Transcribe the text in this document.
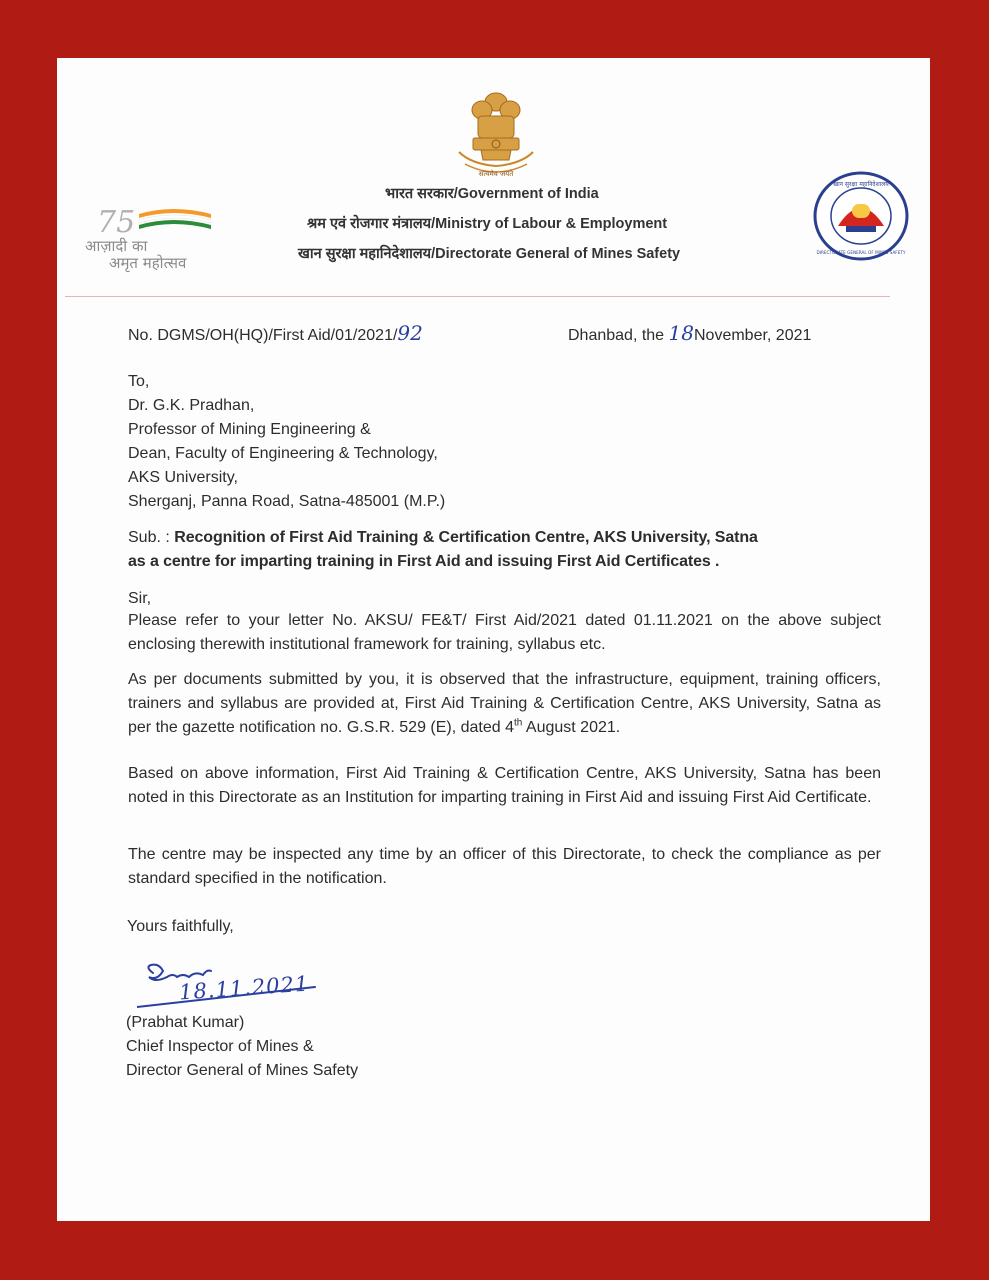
सत्यमेव जयते
भारत सरकार/Government of India
श्रम एवं रोजगार मंत्रालय/Ministry of Labour & Employment
खान सुरक्षा महानिदेशालय/Directorate General of Mines Safety
75
आज़ादी का
अमृत महोत्सव
खान सुरक्षा महानिदेशालय
DIRECTORATE GENERAL OF MINES SAFETY
No. DGMS/OH(HQ)/First Aid/01/2021/92	Dhanbad, the 18November, 2021
To,
Dr. G.K. Pradhan,
Professor of Mining Engineering &
Dean, Faculty of Engineering & Technology,
AKS University,
Sherganj, Panna Road, Satna-485001 (M.P.)
Sub. : Recognition of First Aid Training & Certification Centre, AKS University, Satna
as a centre for imparting training in First Aid and issuing First Aid Certificates .
Sir,
Please refer to your letter No. AKSU/ FE&T/ First Aid/2021 dated 01.11.2021 on the above subject enclosing therewith institutional framework for training, syllabus etc.
As per documents submitted by you, it is observed that the infrastructure, equipment, training officers, trainers and syllabus are provided at, First Aid Training & Certification Centre, AKS University, Satna as per the gazette notification no. G.S.R. 529 (E), dated 4th August 2021.
Based on above information, First Aid Training & Certification Centre, AKS University, Satna has been noted in this Directorate as an Institution for imparting training in First Aid and issuing First Aid Certificate.
The centre may be inspected any time by an officer of this Directorate, to check the compliance as per standard specified in the notification.
Yours faithfully,
18.11.2021
(Prabhat Kumar)
Chief Inspector of Mines &
Director General of Mines Safety
